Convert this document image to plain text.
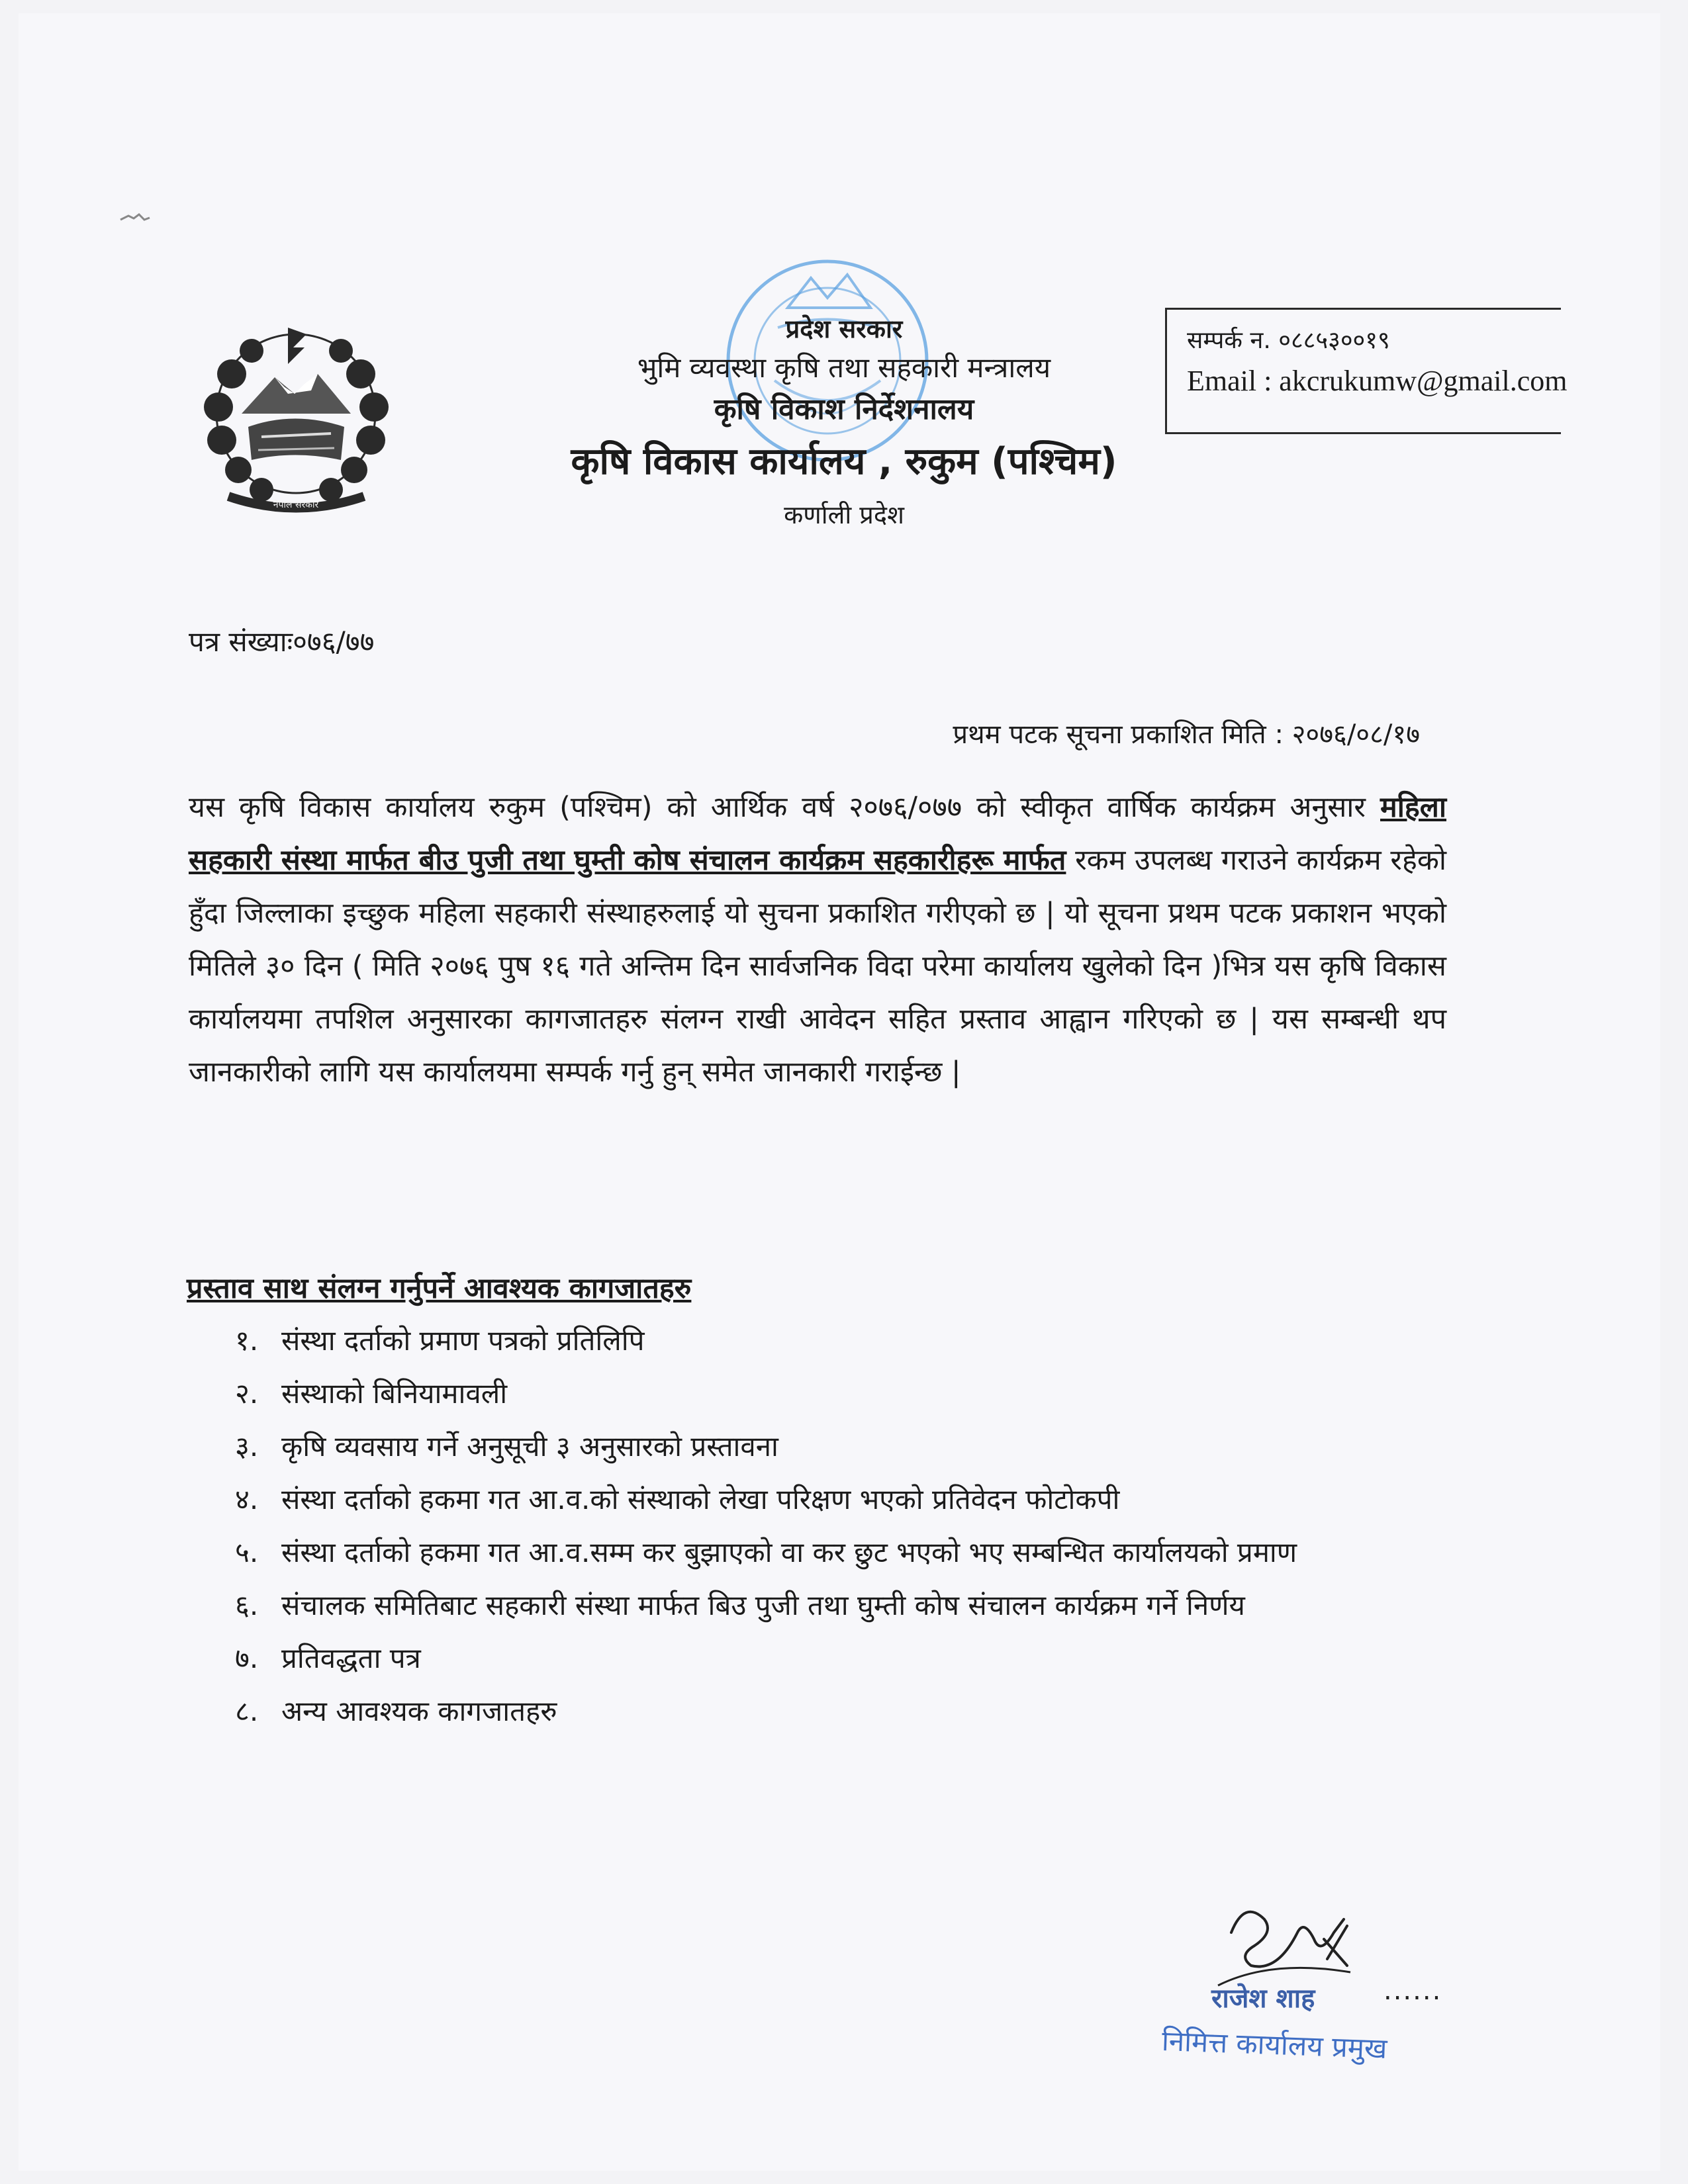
नेपाल सरकार
प्रदेश सरकार
भुमि व्यवस्था कृषि तथा सहकारी मन्त्रालय
कृषि विकाश निर्देशनालय
कृषि विकास कार्यालय , रुकुम (पश्चिम)
कर्णाली प्रदेश
सम्पर्क न. ०८८५३००१९
Email : akcrukumw@gmail.com
पत्र संख्याः०७६/७७
प्रथम पटक सूचना प्रकाशित मिति : २०७६/०८/१७
यस कृषि विकास कार्यालय रुकुम (पश्चिम) को आर्थिक वर्ष २०७६/०७७ को स्वीकृत वार्षिक कार्यक्रम अनुसार महिला सहकारी संस्था मार्फत बीउ पुजी तथा घुम्ती कोष संचालन कार्यक्रम सहकारीहरू मार्फत रकम उपलब्ध गराउने कार्यक्रम रहेको हुँदा जिल्लाका इच्छुक महिला सहकारी संस्थाहरुलाई यो सुचना प्रकाशित गरीएको छ | यो सूचना प्रथम पटक प्रकाशन भएको मितिले ३० दिन ( मिति २०७६ पुष १६ गते अन्तिम दिन सार्वजनिक विदा परेमा कार्यालय खुलेको दिन )भित्र यस कृषि विकास कार्यालयमा तपशिल अनुसारका कागजातहरु संलग्न राखी आवेदन सहित प्रस्ताव आह्वान गरिएको छ | यस सम्बन्धी थप जानकारीको लागि यस कार्यालयमा सम्पर्क गर्नु हुन् समेत जानकारी गराईन्छ |
प्रस्ताव साथ संलग्न गर्नुपर्ने आवश्यक कागजातहरु
१. संस्था दर्ताको प्रमाण पत्रको प्रतिलिपि
२. संस्थाको बिनियामावली
३. कृषि व्यवसाय गर्ने अनुसूची ३ अनुसारको प्रस्तावना
४. संस्था दर्ताको हकमा गत आ.व.को संस्थाको लेखा परिक्षण भएको प्रतिवेदन फोटोकपी
५. संस्था दर्ताको हकमा गत आ.व.सम्म कर बुझाएको वा कर छुट भएको भए सम्बन्धित कार्यालयको प्रमाण
६. संचालक समितिबाट सहकारी संस्था मार्फत बिउ पुजी तथा घुम्ती कोष संचालन कार्यक्रम गर्ने निर्णय
७. प्रतिवद्धता पत्र
८. अन्य आवश्यक कागजातहरु
राजेश शाह	......
निमित्त कार्यालय प्रमुख
